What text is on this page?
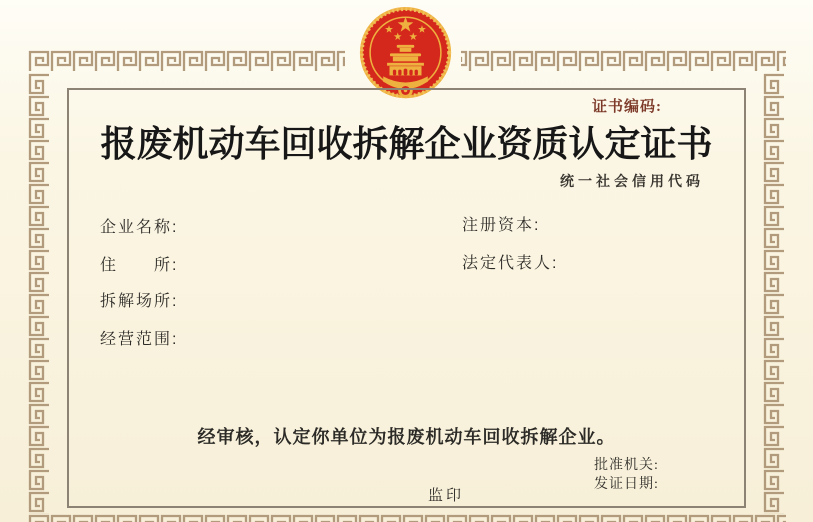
证书编码:
报废机动车回收拆解企业资质认定证书
统一社会信用代码
企业名称:	注册资本:
住　　所:	法定代表人:
拆解场所:
经营范围:
经审核，认定你单位为报废机动车回收拆解企业。
批准机关:
发证日期:
监印
